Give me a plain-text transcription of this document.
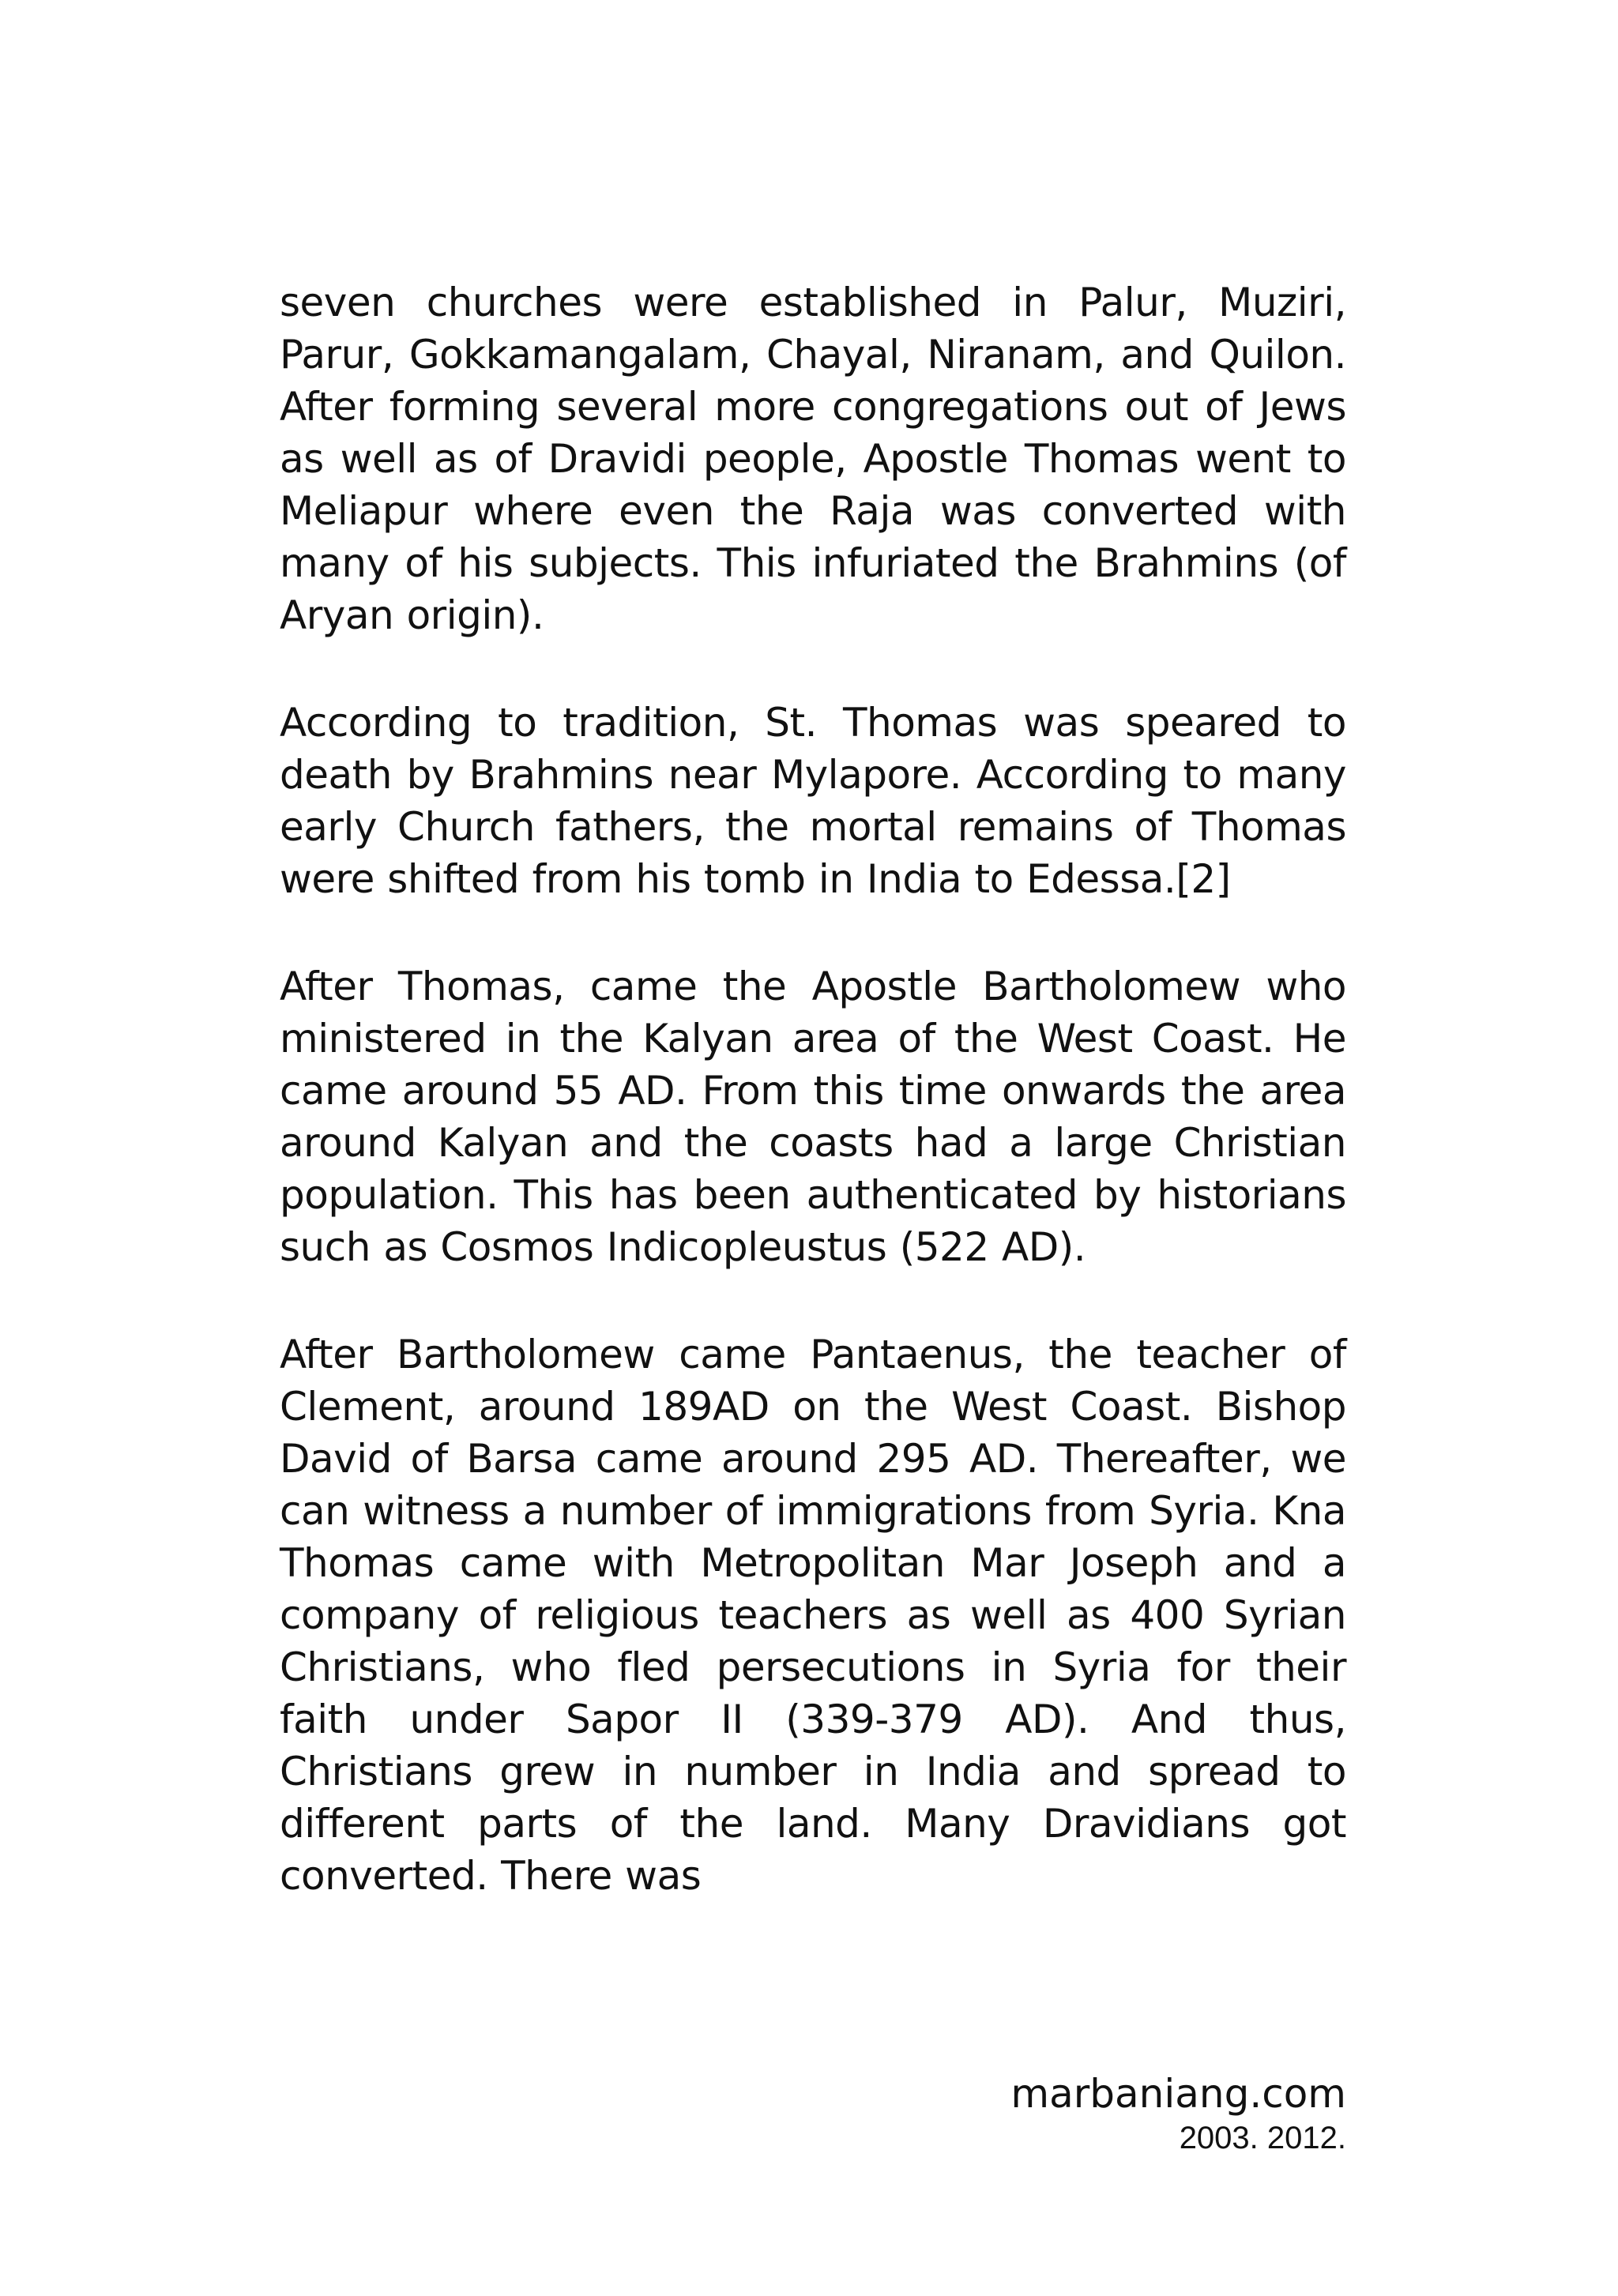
seven churches were established in Palur, Muziri, Parur, Gokkamangalam, Chayal, Niranam, and Quilon. After forming several more congregations out of Jews as well as of Dravidi people, Apostle Thomas went to Meliapur where even the Raja was converted with many of his subjects. This infuriated the Brahmins (of Aryan origin).

According to tradition, St. Thomas was speared to death by Brahmins near Mylapore. According to many early Church fathers, the mortal remains of Thomas were shifted from his tomb in India to Edessa.[2]

After Thomas, came the Apostle Bartholomew who ministered in the Kalyan area of the West Coast. He came around 55 AD. From this time onwards the area around Kalyan and the coasts had a large Christian population. This has been authenticated by historians such as Cosmos Indicopleustus (522 AD).

After Bartholomew came Pantaenus, the teacher of Clement, around 189AD on the West Coast. Bishop David of Barsa came around 295 AD. Thereafter, we can witness a number of immigrations from Syria. Kna Thomas came with Metropolitan Mar Joseph and a company of religious teachers as well as 400 Syrian Christians, who fled persecutions in Syria for their faith under Sapor II (339-379 AD). And thus, Christians grew in number in India and spread to different parts of the land. Many Dravidians got converted. There was

marbaniang.com
2003. 2012.
